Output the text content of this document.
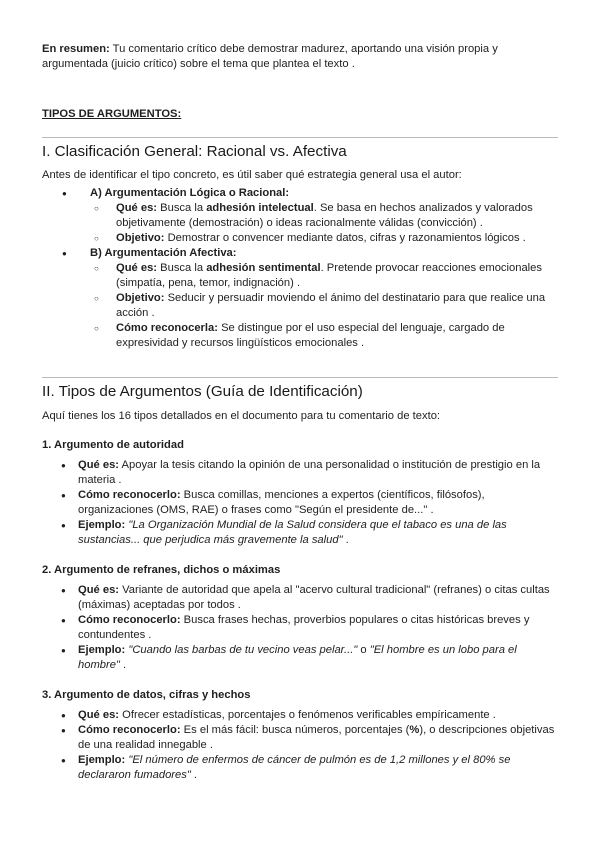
En resumen: Tu comentario crítico debe demostrar madurez, aportando una visión propia y argumentada (juicio crítico) sobre el tema que plantea el texto .

TIPOS DE ARGUMENTOS:

I. Clasificación General: Racional vs. Afectiva

Antes de identificar el tipo concreto, es útil saber qué estrategia general usa el autor:

● A) Argumentación Lógica o Racional:
○ Qué es: Busca la adhesión intelectual. Se basa en hechos analizados y valorados objetivamente (demostración) o ideas racionalmente válidas (convicción) .
○ Objetivo: Demostrar o convencer mediante datos, cifras y razonamientos lógicos .
● B) Argumentación Afectiva:
○ Qué es: Busca la adhesión sentimental. Pretende provocar reacciones emocionales (simpatía, pena, temor, indignación) .
○ Objetivo: Seducir y persuadir moviendo el ánimo del destinatario para que realice una acción .
○ Cómo reconocerla: Se distingue por el uso especial del lenguaje, cargado de expresividad y recursos lingüísticos emocionales .
II. Tipos de Argumentos (Guía de Identificación)

Aquí tienes los 16 tipos detallados en el documento para tu comentario de texto:

1. Argumento de autoridad
● Qué es: Apoyar la tesis citando la opinión de una personalidad o institución de prestigio en la materia .
● Cómo reconocerlo: Busca comillas, menciones a expertos (científicos, filósofos), organizaciones (OMS, RAE) o frases como "Según el presidente de..." .
● Ejemplo: "La Organización Mundial de la Salud considera que el tabaco es una de las sustancias... que perjudica más gravemente la salud" .
2. Argumento de refranes, dichos o máximas
● Qué es: Variante de autoridad que apela al "acervo cultural tradicional" (refranes) o citas cultas (máximas) aceptadas por todos .
● Cómo reconocerlo: Busca frases hechas, proverbios populares o citas históricas breves y contundentes .
● Ejemplo: "Cuando las barbas de tu vecino veas pelar..." o "El hombre es un lobo para el hombre" .
3. Argumento de datos, cifras y hechos
● Qué es: Ofrecer estadísticas, porcentajes o fenómenos verificables empíricamente .
● Cómo reconocerlo: Es el más fácil: busca números, porcentajes (%), o descripciones objetivas de una realidad innegable .
● Ejemplo: "El número de enfermos de cáncer de pulmón es de 1,2 millones y el 80% se declararon fumadores" .
